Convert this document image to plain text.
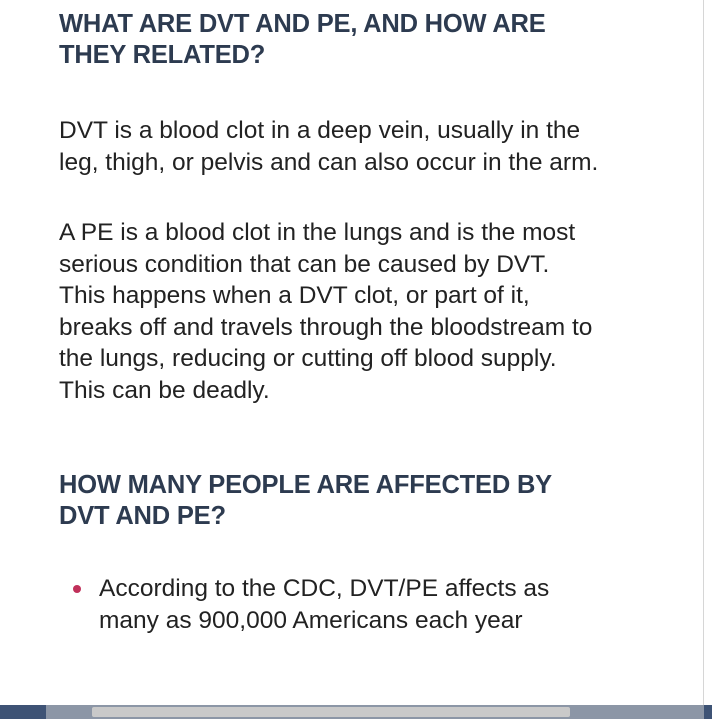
WHAT ARE DVT AND PE, AND HOW ARE THEY RELATED?

DVT is a blood clot in a deep vein, usually in the leg, thigh, or pelvis and can also occur in the arm.

A PE is a blood clot in the lungs and is the most serious condition that can be caused by DVT. This happens when a DVT clot, or part of it, breaks off and travels through the bloodstream to the lungs, reducing or cutting off blood supply. This can be deadly.

HOW MANY PEOPLE ARE AFFECTED BY DVT AND PE?
According to the CDC, DVT/PE affects as many as 900,000 Americans each year
